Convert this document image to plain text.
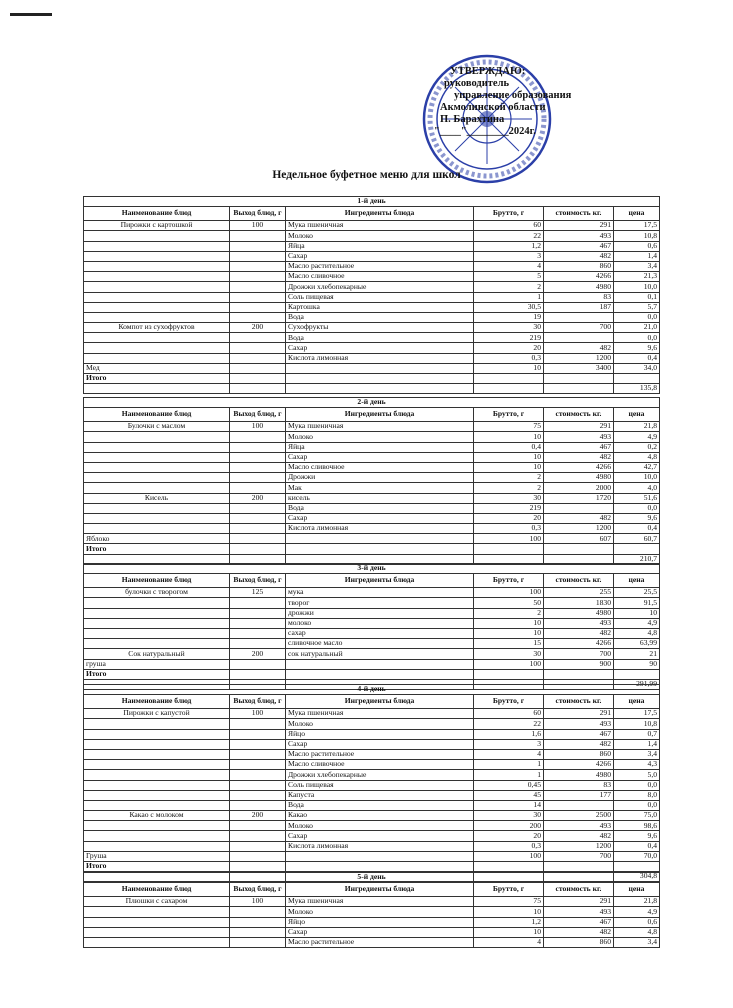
УТВЕРЖДАЮ:
руководитель
управление образования
Акмолинской области
П. Барахтина
"____"________2024г.
Недельное буфетное меню для школ
1-й день					
Наименование блюд	Выход блюд, г	Ингредиенты блюда	Брутто, г	стоимость кг.	цена
Пирожки с картошкой	100	Мука пшеничная	60	291	17,5
		Молоко	22	493	10,8
		Яйца	1,2	467	0,6
		Сахар	3	482	1,4
		Масло растительное	4	860	3,4
		Масло сливочное	5	4266	21,3
		Дрожжи хлебопекарные	2	4980	10,0
		Соль пищевая	1	83	0,1
		Картошка	30,5	187	5,7
		Вода	19		0,0
Компот из сухофруктов	200	Сухофрукты	30	700	21,0
		Вода	219		0,0
		Сахар	20	482	9,6
		Кислота лимонная	0,3	1200	0,4
Мед			10	3400	34,0
Итого					
					135,8
2-й день					
Наименование блюд	Выход блюд, г	Ингредиенты блюда	Брутто, г	стоимость кг.	цена
Булочки с маслом	100	Мука пшеничная	75	291	21,8
		Молоко	10	493	4,9
		Яйца	0,4	467	0,2
		Сахар	10	482	4,8
		Масло сливочное	10	4266	42,7
		Дрожжи	2	4980	10,0
		Мак	2	2000	4,0
Кисель	200	кисель	30	1720	51,6
		Вода	219		0,0
		Сахар	20	482	9,6
		Кислота лимонная	0,3	1200	0,4
Яблоко			100	607	60,7
Итого					
					210,7
3-й день					
Наименование блюд	Выход блюд, г	Ингредиенты блюда	Брутто, г	стоимость кг.	цена
булочки с творогом	125	мука	100	255	25,5
		творог	50	1830	91,5
		дрожжи	2	4980	10
		молоко	10	493	4,9
		сахар	10	482	4,8
		сливочное масло	15	4266	63,99
Сок натуральный	200	сок натуральный	30	700	21
груша			100	900	90
Итого					
					291,99
4-й день					
Наименование блюд	Выход блюд, г	Ингредиенты блюда	Брутто, г	стоимость кг.	цена
Пирожки с капустой	100	Мука пшеничная	60	291	17,5
		Молоко	22	493	10,8
		Яйцо	1,6	467	0,7
		Сахар	3	482	1,4
		Масло растительное	4	860	3,4
		Масло сливочное	1	4266	4,3
		Дрожжи хлебопекарные	1	4980	5,0
		Соль пищевая	0,45	83	0,0
		Капуста	45	177	8,0
		Вода	14		0,0
Какао с молоком	200	Какао	30	2500	75,0
		Молоко	200	493	98,6
		Сахар	20	482	9,6
		Кислота лимонная	0,3	1200	0,4
Груша			100	700	70,0
Итого					
					304,8
5-й день					
Наименование блюд	Выход блюд, г	Ингредиенты блюда	Брутто, г	стоимость кг.	цена
Плюшки с сахаром	100	Мука пшеничная	75	291	21,8
		Молоко	10	493	4,9
		Яйцо	1,2	467	0,6
		Сахар	10	482	4,8
		Масло растительное	4	860	3,4
